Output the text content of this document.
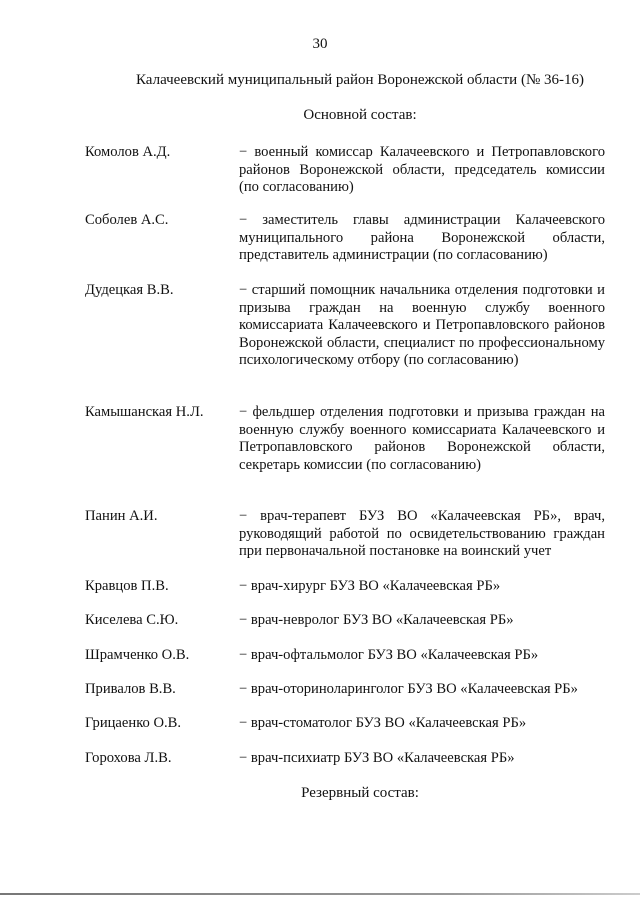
30
Калачеевский муниципальный район Воронежской области (№ 36-16)
Основной состав:
Комолов А.Д.	− военный комиссар Калачеевского и Петропавловского районов Воронежской области, председатель комиссии (по согласованию)
Соболев А.С.	− заместитель главы администрации Калачеевского муниципального района Воронежской области, представитель администрации (по согласованию)
Дудецкая В.В.	− старший помощник начальника отделения подготовки и призыва граждан на военную службу военного комиссариата Калачеевского и Петропавловского районов Воронежской области, специалист по профессиональному психологическому отбору (по согласованию)
Камышанская Н.Л. − фельдшер отделения подготовки и призыва граждан на военную службу военного комиссариата Калачеевского и Петропавловского районов Воронежской области, секретарь комиссии (по согласованию)
Панин А.И.	− врач-терапевт БУЗ ВО «Калачеевская РБ», врач, руководящий работой по освидетельствованию граждан при первоначальной постановке на воинский учет
Кравцов П.В.	− врач-хирург БУЗ ВО «Калачеевская РБ»
Киселева С.Ю.	− врач-невролог БУЗ ВО «Калачеевская РБ»
Шрамченко О.В.	− врач-офтальмолог БУЗ ВО «Калачеевская РБ»
Привалов В.В.	− врач-оториноларинголог БУЗ ВО «Калачеевская РБ»
Грицаенко О.В.	− врач-стоматолог БУЗ ВО «Калачеевская РБ»
Горохова Л.В.	− врач-психиатр БУЗ ВО «Калачеевская РБ»
Резервный состав:
